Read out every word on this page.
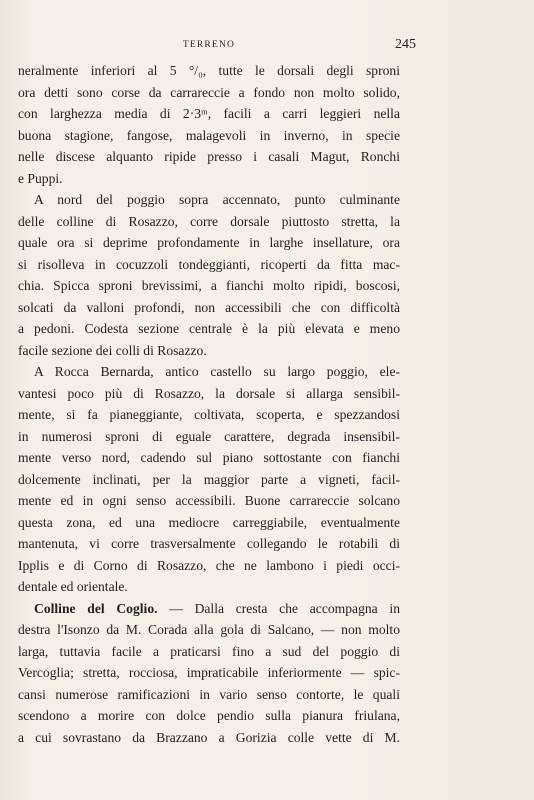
TERRENO	245

neralmente inferiori al 5 °/₀, tutte le dorsali degli sproni
ora detti sono corse da carrareccie a fondo non molto solido,
con larghezza media di 2·3ᵐ, facili a carri leggieri nella
buona stagione, fangose, malagevoli in inverno, in specie
nelle discese alquanto ripide presso i casali Magut, Ronchi
e Puppi.

A nord del poggio sopra accennato, punto culminante
delle colline di Rosazzo, corre dorsale piuttosto stretta, la
quale ora si deprime profondamente in larghe insellature, ora
si risolleva in cocuzzoli tondeggianti, ricoperti da fitta mac-
chia. Spicca sproni brevissimi, a fianchi molto ripidi, boscosi,
solcati da valloni profondi, non accessibili che con difficoltà
a pedoni. Codesta sezione centrale è la più elevata e meno
facile sezione dei colli di Rosazzo.

A Rocca Bernarda, antico castello su largo poggio, ele-
vantesi poco più di Rosazzo, la dorsale si allarga sensibil-
mente, si fa pianeggiante, coltivata, scoperta, e spezzandosi
in numerosi sproni di eguale carattere, degrada insensibil-
mente verso nord, cadendo sul piano sottostante con fianchi
dolcemente inclinati, per la maggior parte a vigneti, facil-
mente ed in ogni senso accessibili. Buone carrareccie solcano
questa zona, ed una mediocre carreggiabile, eventualmente
mantenuta, vi corre trasversalmente collegando le rotabili di
Ipplis e di Corno di Rosazzo, che ne lambono i piedi occi-
dentale ed orientale.

Colline del Coglio. — Dalla cresta che accompagna in
destra l'Isonzo da M. Corada alla gola di Salcano, — non molto
larga, tuttavia facile a praticarsi fino a sud del poggio di
Vercoglia; stretta, rocciosa, impraticabile inferiormente — spic-
cansi numerose ramificazioni in vario senso contorte, le quali
scendono a morire con dolce pendio sulla pianura friulana,
a cui sovrastano da Brazzano a Gorizia colle vette di M.
